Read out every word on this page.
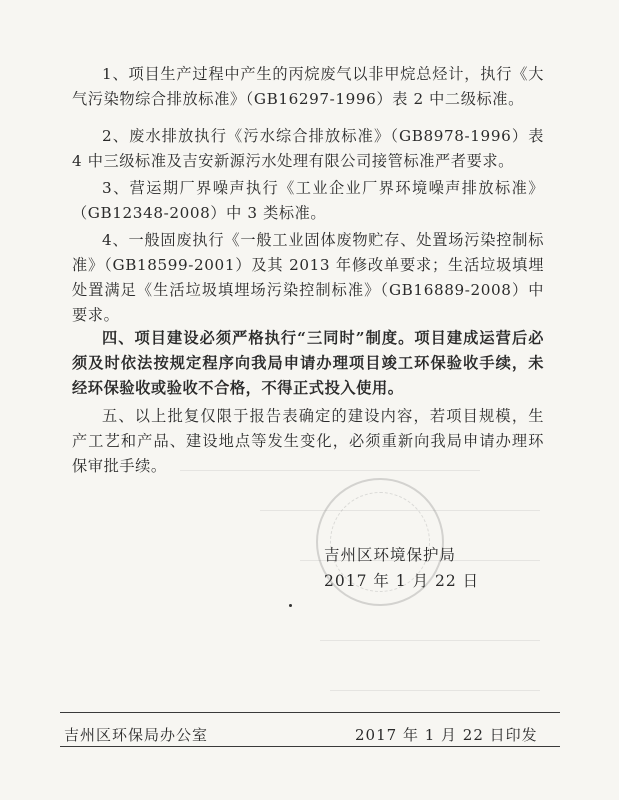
1、项目生产过程中产生的丙烷废气以非甲烷总烃计，执行《大气污染物综合排放标准》（GB16297-1996）表 2 中二级标准。

2、废水排放执行《污水综合排放标准》（GB8978-1996）表 4 中三级标准及吉安新源污水处理有限公司接管标准严者要求。

3、营运期厂界噪声执行《工业企业厂界环境噪声排放标准》（GB12348-2008）中 3 类标准。

4、一般固废执行《一般工业固体废物贮存、处置场污染控制标准》（GB18599-2001）及其 2013 年修改单要求；生活垃圾填埋处置满足《生活垃圾填埋场污染控制标准》（GB16889-2008）中要求。

四、项目建设必须严格执行“三同时”制度。项目建成运营后必须及时依法按规定程序向我局申请办理项目竣工环保验收手续，未经环保验收或验收不合格，不得正式投入使用。

五、以上批复仅限于报告表确定的建设内容，若项目规模，生产工艺和产品、建设地点等发生变化，必须重新向我局申请办理环保审批手续。

吉州区环境保护局
2017 年 1 月 22 日
吉州区环保局办公室	2017 年 1 月 22 日印发
